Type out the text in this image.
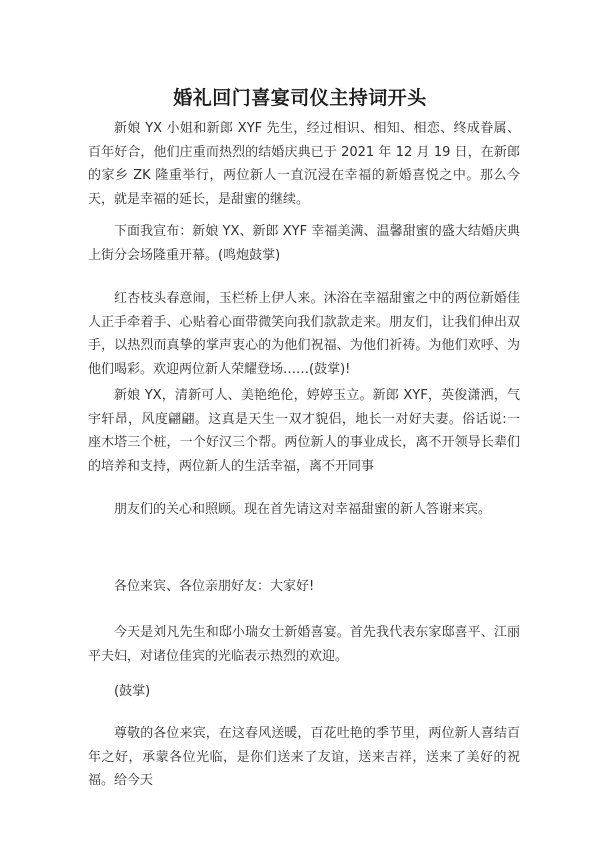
婚礼回门喜宴司仪主持词开头

新娘 YX 小姐和新郎 XYF 先生，经过相识、相知、相恋、终成眷属、百年好合，他们庄重而热烈的结婚庆典已于 2021 年 12 月 19 日，在新郎的家乡 ZK 隆重举行，两位新人一直沉浸在幸福的新婚喜悦之中。那么今天，就是幸福的延长，是甜蜜的继续。

下面我宣布：新娘 YX、新郎 XYF 幸福美满、温馨甜蜜的盛大结婚庆典上街分会场隆重开幕。(鸣炮鼓掌)

红杏枝头春意闹，玉栏桥上伊人来。沐浴在幸福甜蜜之中的两位新婚佳人正手牵着手、心贴着心面带微笑向我们款款走来。朋友们，让我们伸出双手，以热烈而真挚的掌声衷心的为他们祝福、为他们祈祷。为他们欢呼、为他们喝彩。欢迎两位新人荣耀登场……(鼓掌)!

新娘 YX，清新可人、美艳绝伦，婷婷玉立。新郎 XYF，英俊潇洒，气宇轩昂，风度翩翩。这真是天生一双才貌侣，地长一对好夫妻。俗话说:一座木塔三个桩，一个好汉三个帮。两位新人的事业成长，离不开领导长辈们的培养和支持，两位新人的生活幸福，离不开同事

朋友们的关心和照顾。现在首先请这对幸福甜蜜的新人答谢来宾。

各位来宾、各位亲朋好友：大家好!

今天是刘凡先生和邸小瑞女士新婚喜宴。首先我代表东家邸喜平、江丽平夫妇，对诸位佳宾的光临表示热烈的欢迎。

(鼓掌)

尊敬的各位来宾，在这春风送暖，百花吐艳的季节里，两位新人喜结百年之好，承蒙各位光临，是你们送来了友谊，送来吉祥，送来了美好的祝福。给今天
